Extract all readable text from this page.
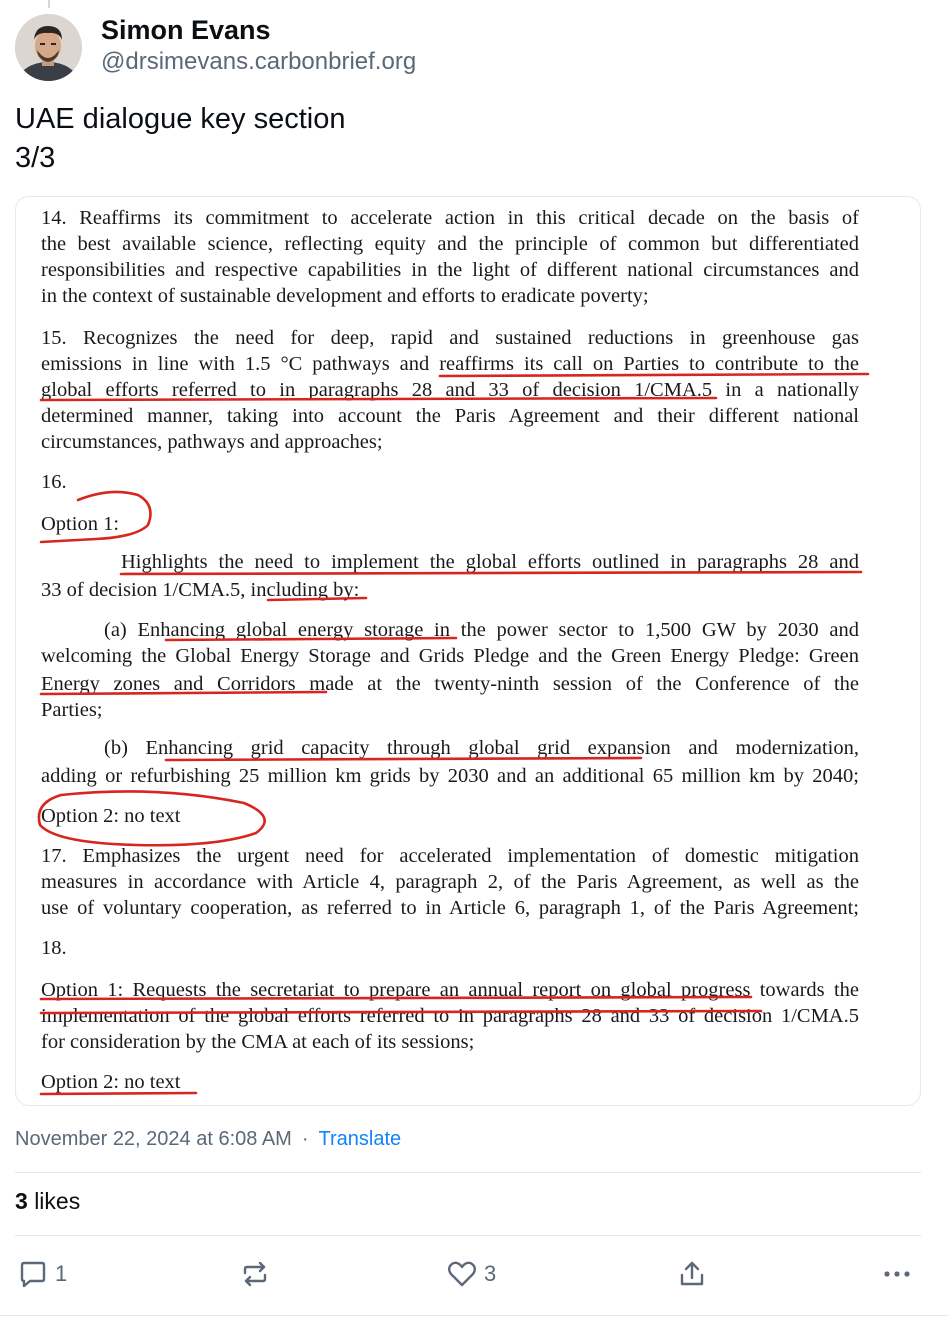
Simon Evans
@drsimevans.carbonbrief.org
UAE dialogue key section
3/3
14. Reaffirms its commitment to accelerate action in this critical decade on the basis of
the best available science, reflecting equity and the principle of common but differentiated
responsibilities and respective capabilities in the light of different national circumstances and
in the context of sustainable development and efforts to eradicate poverty;
15. Recognizes the need for deep, rapid and sustained reductions in greenhouse gas
emissions in line with 1.5 °C pathways and reaffirms its call on Parties to contribute to the
global efforts referred to in paragraphs 28 and 33 of decision 1/CMA.5 in a nationally
determined manner, taking into account the Paris Agreement and their different national
circumstances, pathways and approaches;
16.
Option 1:
Highlights the need to implement the global efforts outlined in paragraphs 28 and
33 of decision 1/CMA.5, including by:
(a) Enhancing global energy storage in the power sector to 1,500 GW by 2030 and
welcoming the Global Energy Storage and Grids Pledge and the Green Energy Pledge: Green
Energy zones and Corridors made at the twenty-ninth session of the Conference of the
Parties;
(b) Enhancing grid capacity through global grid expansion and modernization,
adding or refurbishing 25 million km grids by 2030 and an additional 65 million km by 2040;
Option 2: no text
17. Emphasizes the urgent need for accelerated implementation of domestic mitigation
measures in accordance with Article 4, paragraph 2, of the Paris Agreement, as well as the
use of voluntary cooperation, as referred to in Article 6, paragraph 1, of the Paris Agreement;
18.
Option 1: Requests the secretariat to prepare an annual report on global progress towards the
implementation of the global efforts referred to in paragraphs 28 and 33 of decision 1/CMA.5
for consideration by the CMA at each of its sessions;
Option 2: no text
November 22, 2024 at 6:08 AM · Translate
3 likes
1	3
